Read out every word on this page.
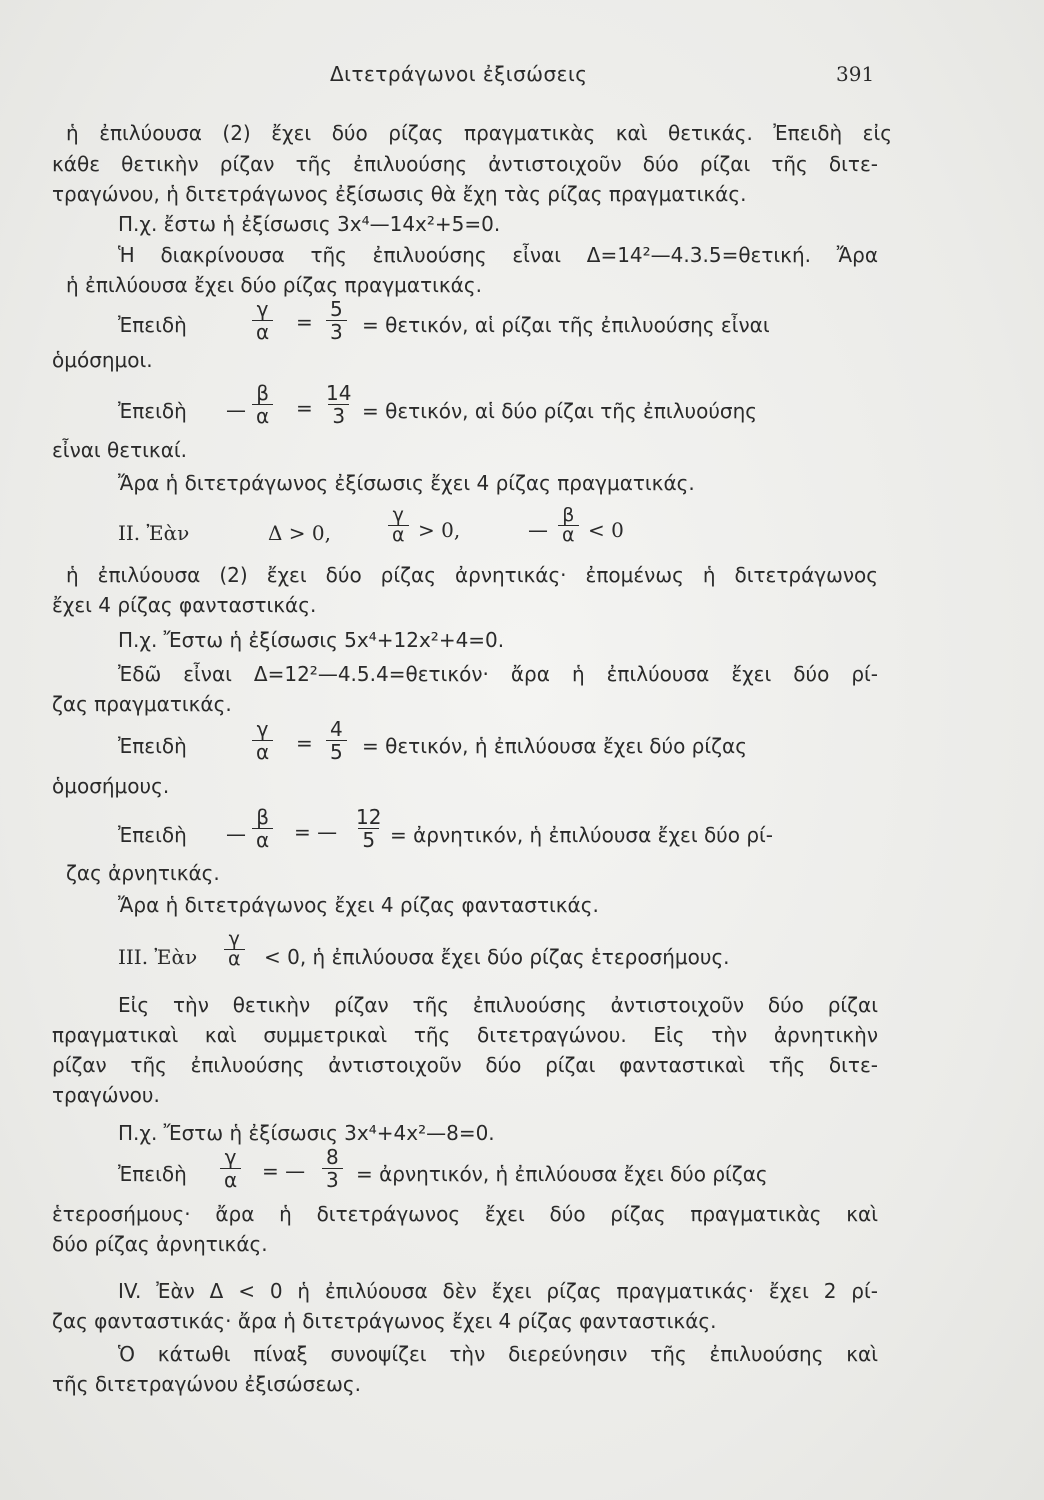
Διτετράγωνοι ἐξισώσεις	391
ἡ ἐπιλύουσα (2) ἔχει δύο ρίζας πραγματικὰς καὶ θετικάς. Ἐπειδὴ εἰς
κάθε θετικὴν ρίζαν τῆς ἐπιλυούσης ἀντιστοιχοῦν δύο ρίζαι τῆς διτε-
τραγώνου, ἡ διτετράγωνος ἐξίσωσις θὰ ἔχη τὰς ρίζας πραγματικάς.
Π.χ. ἔστω ἡ ἐξίσωσις 3x⁴—14x²+5=0.
Ἡ διακρίνουσα τῆς ἐπιλυούσης εἶναι Δ=14²—4.3.5=θετική. Ἄρα
ἡ ἐπιλύουσα ἔχει δύο ρίζας πραγματικάς.
Ἐπειδὴ	$\frac{\gamma}{\alpha} = \frac{5}{3} = \theta\varepsilon\tau\iota\kappa ό\nu$, αἱ ρίζαι τῆς ἐπιλυούσης εἶναι
ὁμόσημοι.
Ἐπειδὴ — $\frac{\beta}{\alpha} = \frac{14}{3} = \theta\varepsilon\tau\iota\kappa ό\nu$, αἱ δύο ρίζαι τῆς ἐπιλυούσης
εἶναι θετικαί.
Ἄρα ἡ διτετράγωνος ἐξίσωσις ἔχει 4 ρίζας πραγματικάς.
II. Ἐὰν	Δ > 0,	$\frac{\gamma}{\alpha} > 0$,	— $\frac{\beta}{\alpha} < 0$
ἡ ἐπιλύουσα (2) ἔχει δύο ρίζας ἀρνητικάς· ἐπομένως ἡ διτετράγωνος
ἔχει 4 ρίζας φανταστικάς.
Π.χ. Ἔστω ἡ ἐξίσωσις 5x⁴+12x²+4=0.
Ἐδῶ εἶναι Δ=12²—4.5.4=θετικόν· ἄρα ἡ ἐπιλύουσα ἔχει δύο ρί-
ζας πραγματικάς.
Ἐπειδὴ	$\frac{\gamma}{\alpha} = \frac{4}{5} = \theta\varepsilon\tau\iota\kappa ό\nu$, ἡ ἐπιλύουσα ἔχει δύο ρίζας
ὁμοσήμους.
Ἐπειδὴ — $\frac{\beta}{\alpha}$ = — $\frac{12}{5}$ = ἀρνητικόν, ἡ ἐπιλύουσα ἔχει δύο ρί-
ζας ἀρνητικάς.
Ἄρα ἡ διτετράγωνος ἔχει 4 ρίζας φανταστικάς.
III. Ἐὰν $\frac{\gamma}{\alpha} < 0$, ἡ ἐπιλύουσα ἔχει δύο ρίζας ἑτεροσήμους.
Εἰς τὴν θετικὴν ρίζαν τῆς ἐπιλυούσης ἀντιστοιχοῦν δύο ρίζαι
πραγματικαὶ καὶ συμμετρικαὶ τῆς διτετραγώνου. Εἰς τὴν ἀρνητικὴν
ρίζαν τῆς ἐπιλυούσης ἀντιστοιχοῦν δύο ρίζαι φανταστικαὶ τῆς διτε-
τραγώνου.
Π.χ. Ἔστω ἡ ἐξίσωσις 3x⁴+4x²—8=0.
Ἐπειδὴ $\frac{\gamma}{\alpha}$ = — $\frac{8}{3}$ = ἀρνητικόν, ἡ ἐπιλύουσα ἔχει δύο ρίζας
ἑτεροσήμους· ἄρα ἡ διτετράγωνος ἔχει δύο ρίζας πραγματικὰς καὶ
δύο ρίζας ἀρνητικάς.
IV. Ἐὰν Δ < 0 ἡ ἐπιλύουσα δὲν ἔχει ρίζας πραγματικάς· ἔχει 2 ρί-
ζας φανταστικάς· ἄρα ἡ διτετράγωνος ἔχει 4 ρίζας φανταστικάς.
Ὁ κάτωθι πίναξ συνοψίζει τὴν διερεύνησιν τῆς ἐπιλυούσης καὶ
τῆς διτετραγώνου ἐξισώσεως.
